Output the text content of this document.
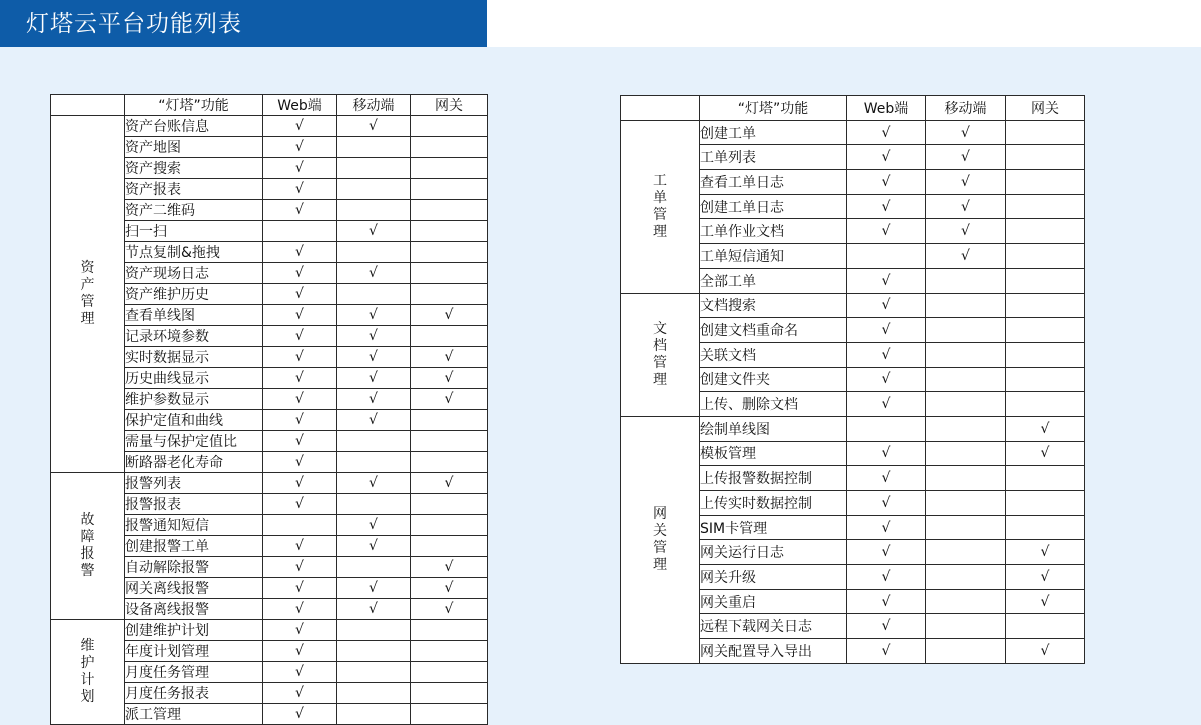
灯塔云平台功能列表
	“灯塔”功能	Web端	移动端	网关
资产管理	资产台账信息	√	√	
	资产地图	√		
	资产搜索	√		
	资产报表	√		
	资产二维码	√		
	扫一扫		√	
	节点复制&拖拽	√		
	资产现场日志	√	√	
	资产维护历史	√		
	查看单线图	√	√	√
	记录环境参数	√	√	
	实时数据显示	√	√	√
	历史曲线显示	√	√	√
	维护参数显示	√	√	√
	保护定值和曲线	√	√	
	需量与保护定值比	√		
	断路器老化寿命	√		
故障报警	报警列表	√	√	√
	报警报表	√		
	报警通知短信		√	
	创建报警工单	√	√	
	自动解除报警	√		√
	网关离线报警	√	√	√
	设备离线报警	√	√	√
维护计划	创建维护计划	√		
	年度计划管理	√		
	月度任务管理	√		
	月度任务报表	√		
	派工管理	√		
	“灯塔”功能	Web端	移动端	网关
工单管理	创建工单	√	√	
	工单列表	√	√	
	查看工单日志	√	√	
	创建工单日志	√	√	
	工单作业文档	√	√	
	工单短信通知		√	
	全部工单	√		
文档管理	文档搜索	√		
	创建文档重命名	√		
	关联文档	√		
	创建文件夹	√		
	上传、删除文档	√		
网关管理	绘制单线图			√
	模板管理	√		√
	上传报警数据控制	√		
	上传实时数据控制	√		
	SIM卡管理	√		
	网关运行日志	√		√
	网关升级	√		√
	网关重启	√		√
	远程下载网关日志	√		
	网关配置导入导出	√		√
